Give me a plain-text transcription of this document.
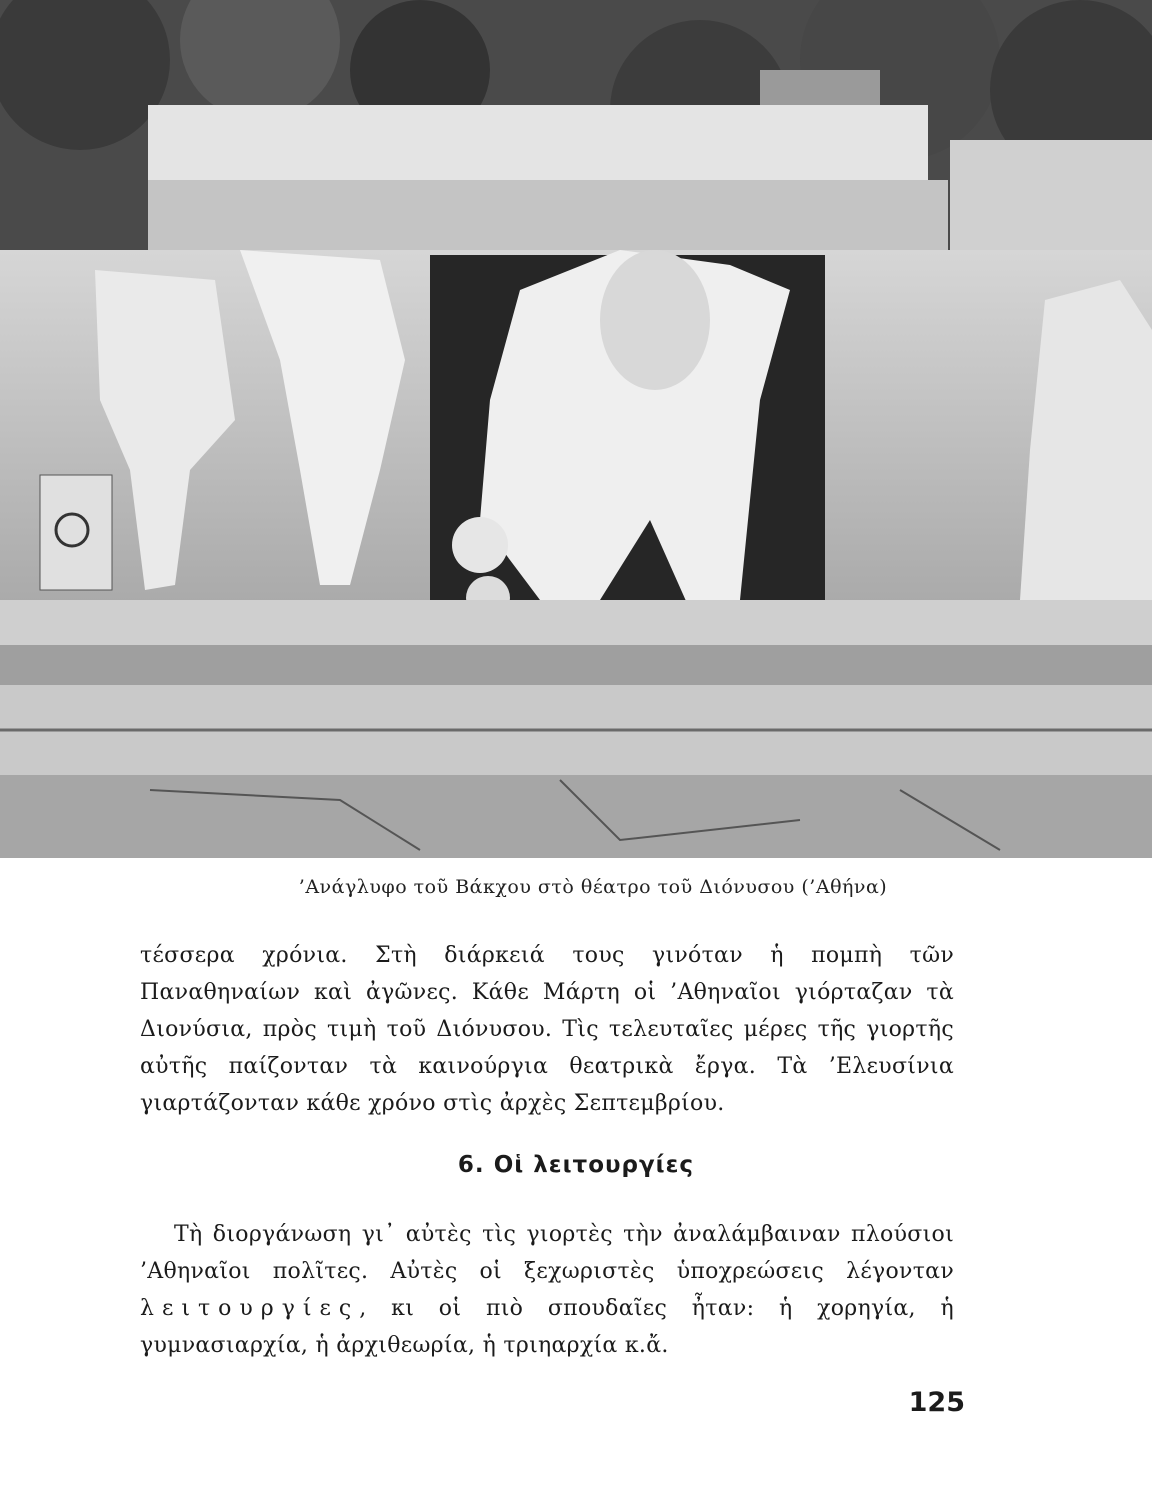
’Ανάγλυφο τοῦ Βάκχου στὸ θέατρο τοῦ Διόνυσου (’Αθήνα)

τέσσερα χρόνια. Στὴ διάρκειά τους γινόταν ἡ πομπὴ τῶν Παναθηναίων καὶ ἀγῶνες. Κάθε Μάρτη οἱ ’Αθηναῖοι γιόρταζαν τὰ Διονύσια, πρὸς τιμὴ τοῦ Διόνυσου. Τὶς τελευταῖες μέρες τῆς γιορτῆς αὐτῆς παίζονταν τὰ καινούργια θεατρικὰ ἔργα. Τὰ ’Ελευσίνια γιαρτάζονταν κάθε χρόνο στὶς ἀρχὲς Σεπτεμβρίου.

6. Οἱ λειτουργίες

Τὴ διοργάνωση γι᾽ αὐτὲς τὶς γιορτὲς τὴν ἀναλάμβαιναν πλούσιοι ’Αθηναῖοι πολῖτες. Αὐτὲς οἱ ξεχωριστὲς ὑποχρεώσεις λέγονταν λειτουργίες, κι οἱ πιὸ σπουδαῖες ἦταν: ἡ χορηγία, ἡ γυμνασιαρχία, ἡ ἀρχιθεωρία, ἡ τριηαρχία κ.ἄ.

125
